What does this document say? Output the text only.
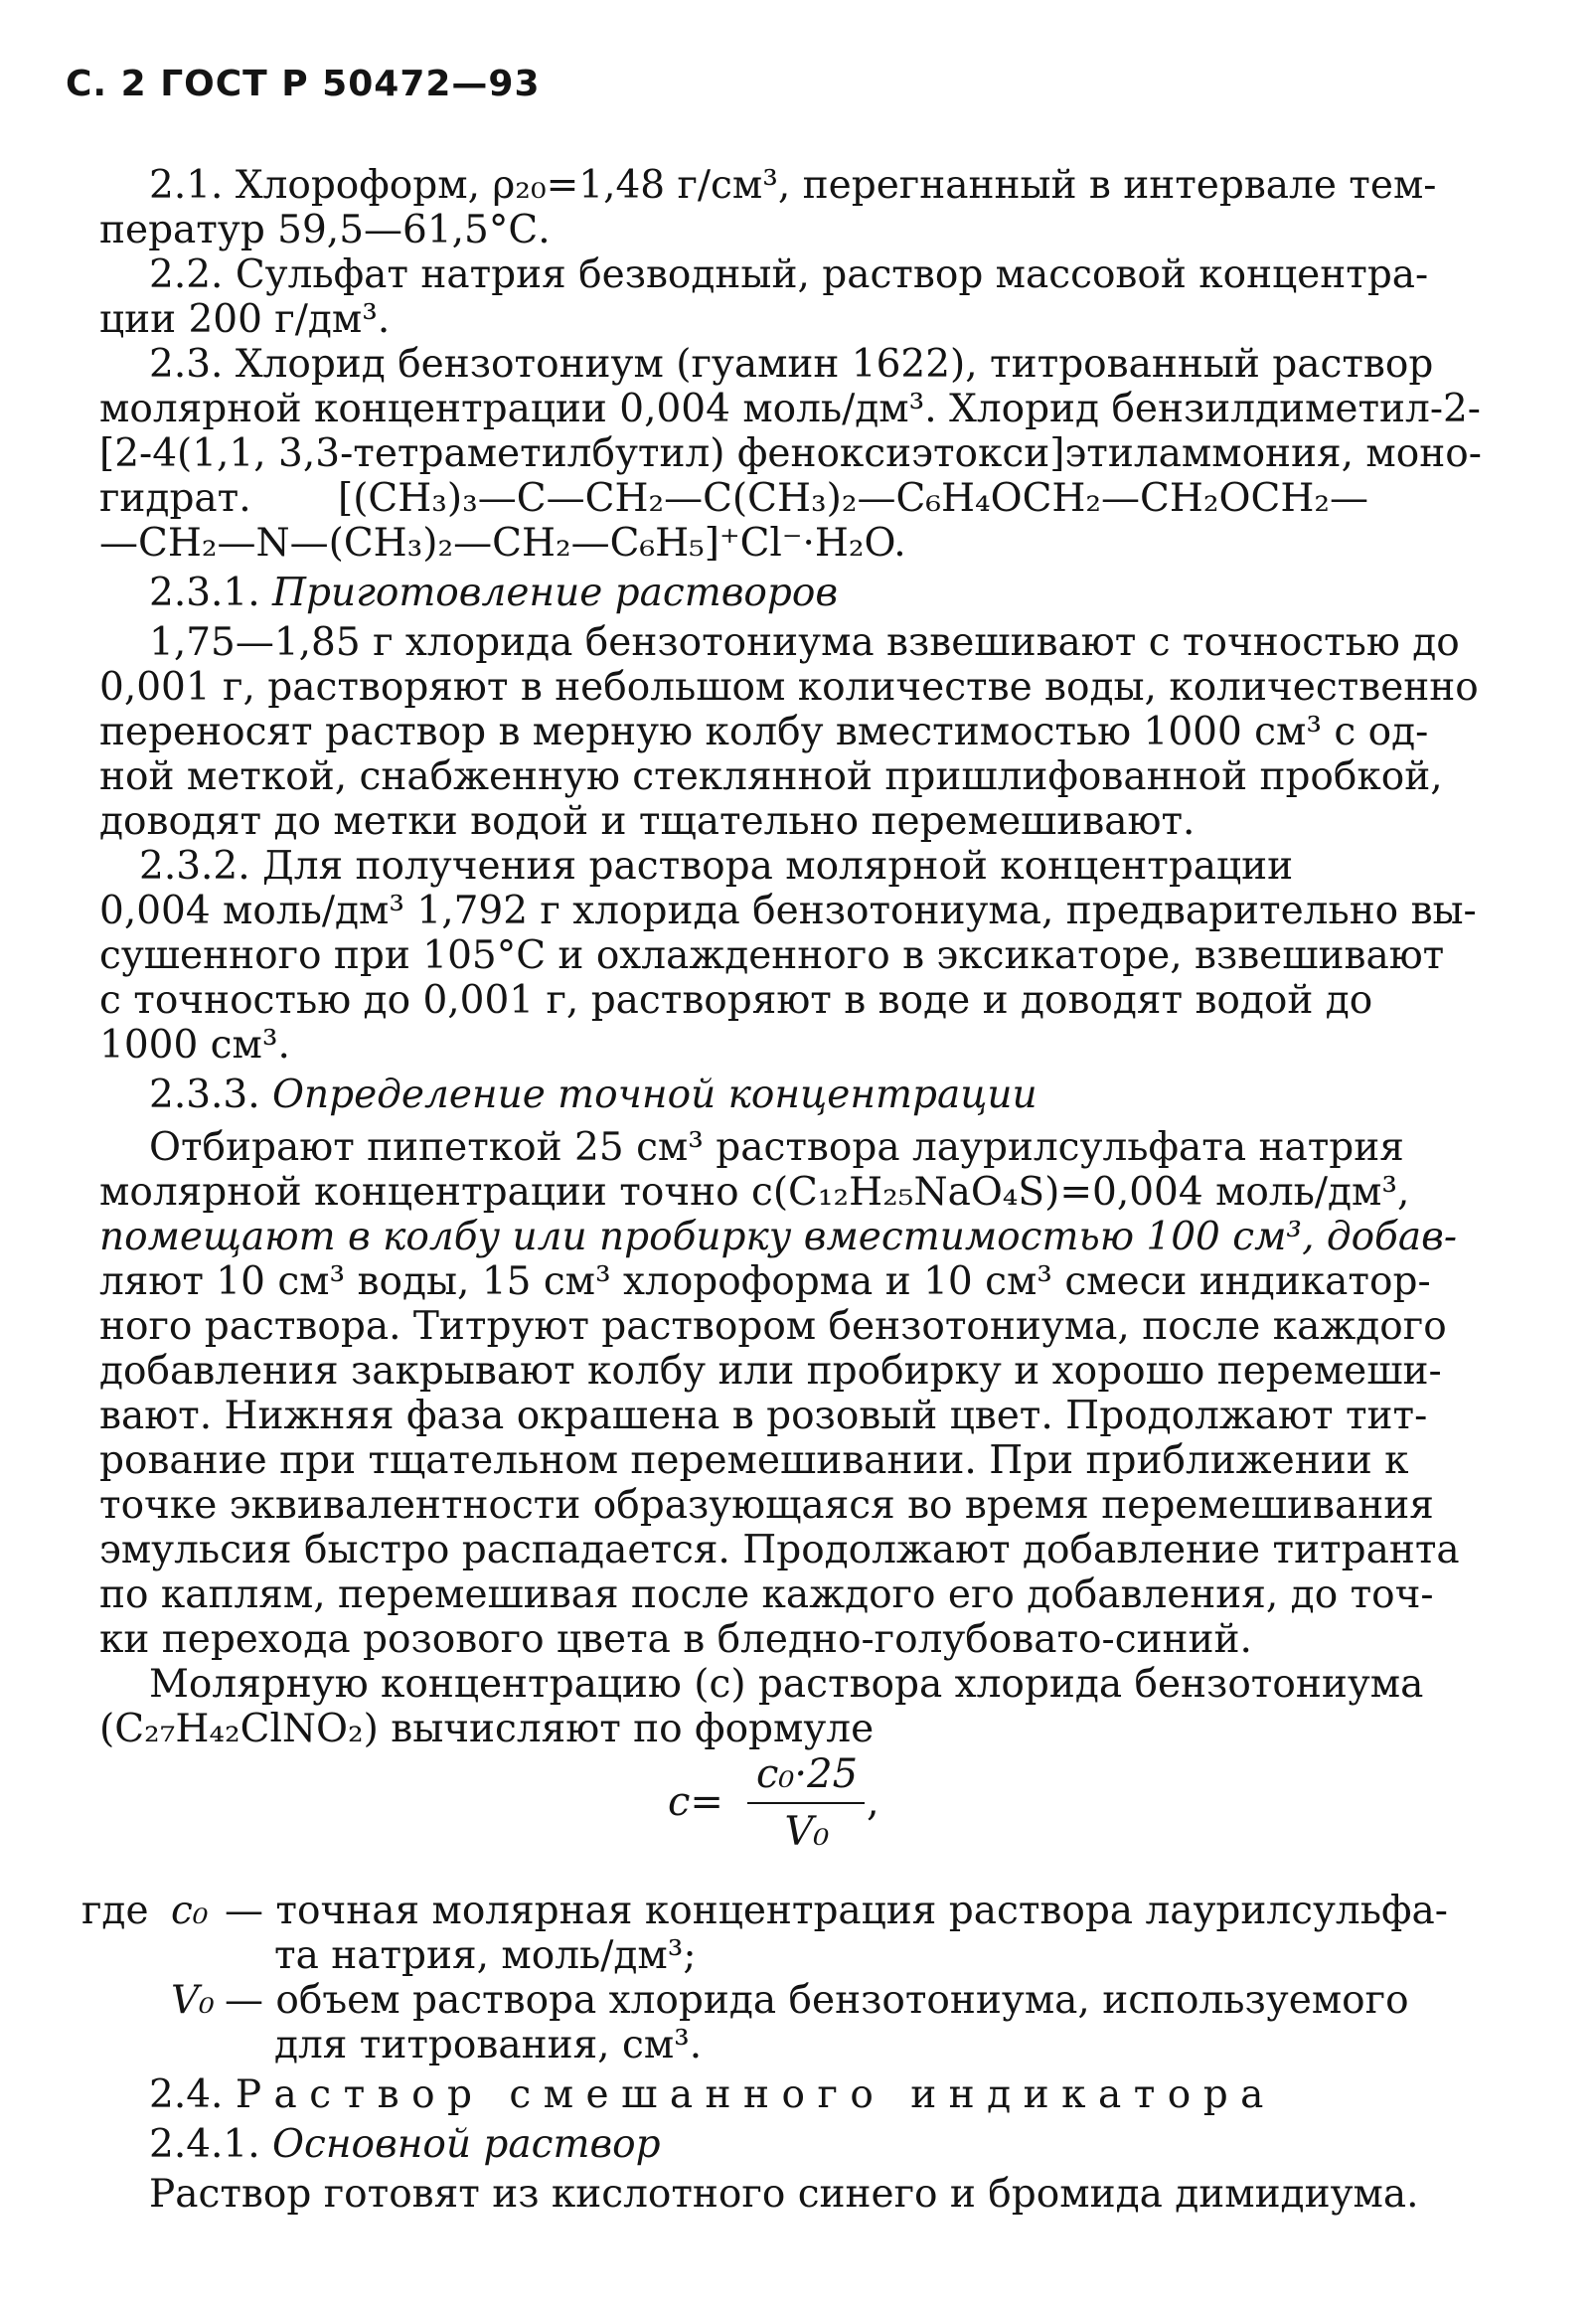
С. 2 ГОСТ Р 50472—93
2.1. Хлороформ, ρ₂₀=1,48 г/см³, перегнанный в интервале тем-
ператур 59,5—61,5°С.
2.2. Сульфат натрия безводный, раствор массовой концентра-
ции 200 г/дм³.
2.3. Хлорид бензотониум (гуамин 1622), титрованный раствор
молярной концентрации 0,004 моль/дм³. Хлорид бензилдиметил-2-
[2-4(1,1, 3,3-тетраметилбутил) феноксиэтокси]этиламмония, моно-
гидрат. [(CH₃)₃—C—CH₂—C(CH₃)₂—C₆H₄OCH₂—CH₂OCH₂—
—CH₂—N—(CH₃)₂—CH₂—C₆H₅]⁺Cl⁻·H₂O.
2.3.1. Приготовление растворов
1,75—1,85 г хлорида бензотониума взвешивают с точностью до
0,001 г, растворяют в небольшом количестве воды, количественно
переносят раствор в мерную колбу вместимостью 1000 см³ с од-
ной меткой, снабженную стеклянной пришлифованной пробкой,
доводят до метки водой и тщательно перемешивают.
2.3.2. Для получения раствора молярной концентрации
0,004 моль/дм³ 1,792 г хлорида бензотониума, предварительно вы-
сушенного при 105°С и охлажденного в эксикаторе, взвешивают
с точностью до 0,001 г, растворяют в воде и доводят водой до
1000 см³.
2.3.3. Определение точной концентрации
Отбирают пипеткой 25 см³ раствора лаурилсульфата натрия
молярной концентрации точно c(C₁₂H₂₅NaO₄S)=0,004 моль/дм³,
помещают в колбу или пробирку вместимостью 100 см³, добав-
ляют 10 см³ воды, 15 см³ хлороформа и 10 см³ смеси индикатор-
ного раствора. Титруют раствором бензотониума, после каждого
добавления закрывают колбу или пробирку и хорошо перемеши-
вают. Нижняя фаза окрашена в розовый цвет. Продолжают тит-
рование при тщательном перемешивании. При приближении к
точке эквивалентности образующаяся во время перемешивания
эмульсия быстро распадается. Продолжают добавление титранта
по каплям, перемешивая после каждого его добавления, до точ-
ки перехода розового цвета в бледно-голубовато-синий.
Молярную концентрацию (c) раствора хлорида бензотониума
(C₂₇H₄₂ClNO₂) вычисляют по формуле
c=
c₀·25
V₀
,
где c₀ — точная молярная концентрация раствора лаурилсульфа-
та натрия, моль/дм³;
V₀ — объем раствора хлорида бензотониума, используемого
для титрования, см³.
2.4. Раствор смешанного индикатора
2.4.1. Основной раствор
Раствор готовят из кислотного синего и бромида димидиума.
